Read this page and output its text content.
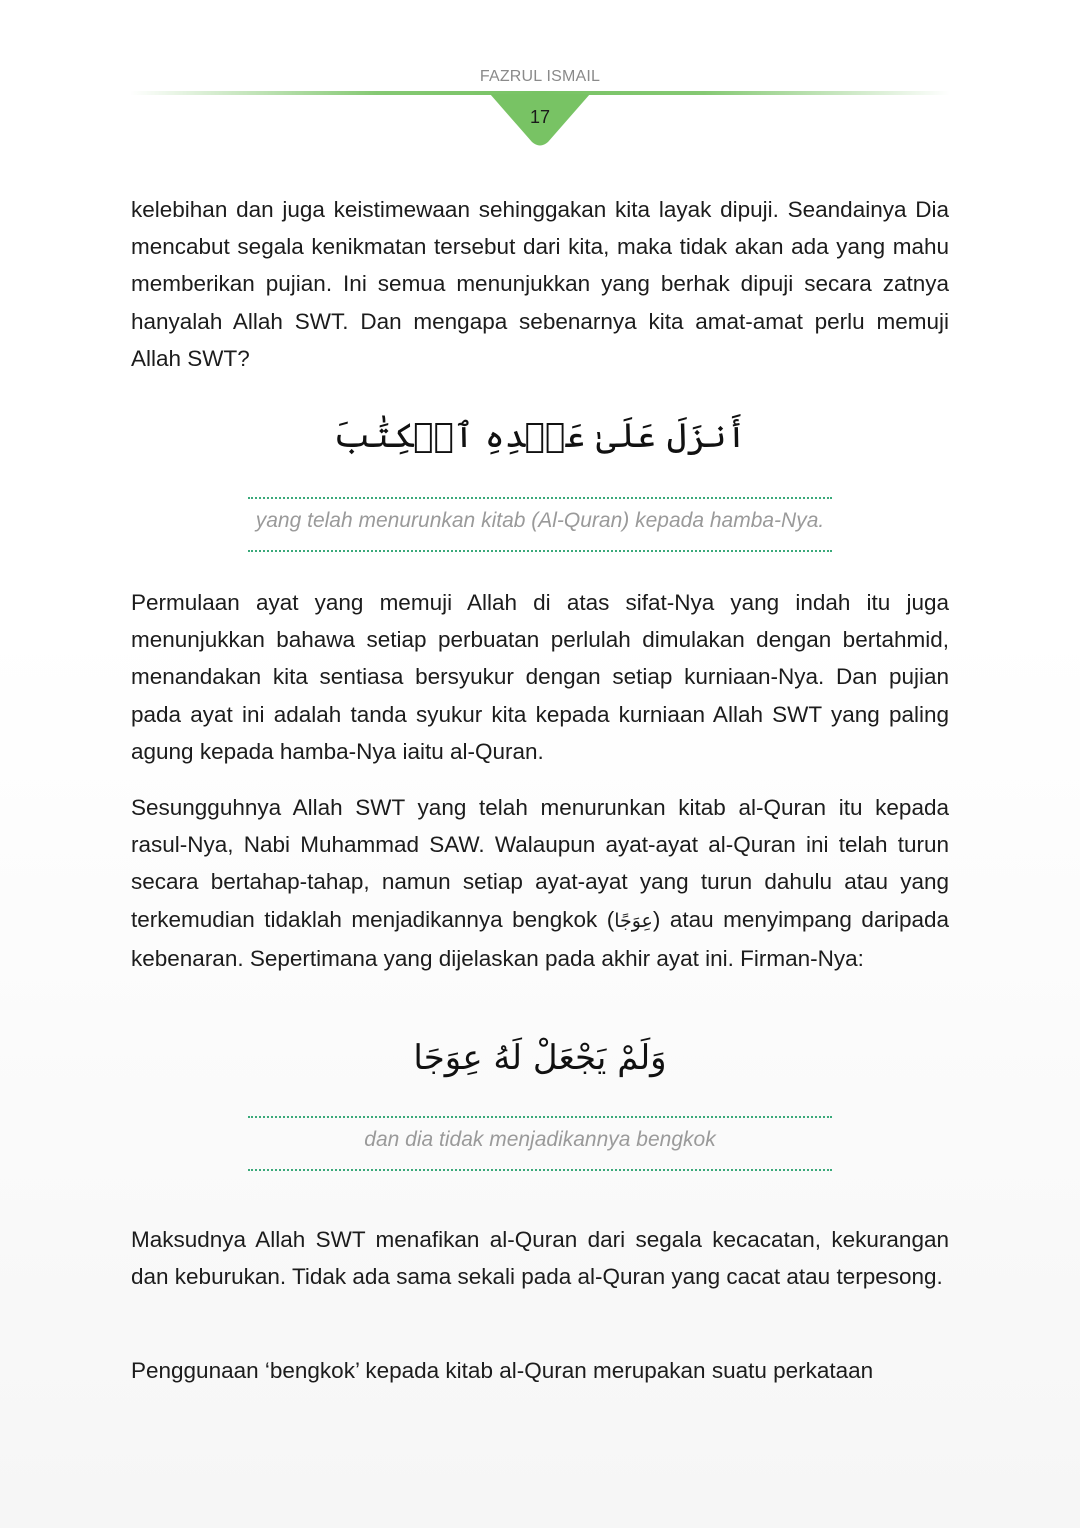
FAZRUL ISMAIL
17

kelebihan dan juga keistimewaan sehinggakan kita layak dipuji. Seandainya Dia mencabut segala kenikmatan tersebut dari kita, maka tidak akan ada yang mahu memberikan pujian. Ini semua menunjukkan yang berhak dipuji secara zatnya hanyalah Allah SWT. Dan mengapa sebenarnya kita amat-amat perlu memuji Allah SWT?

أَنزَلَ عَلَىٰ عَبۡدِهِ ٱلۡكِتَٰبَ
yang telah menurunkan kitab (Al-Quran) kepada hamba-Nya.

Permulaan ayat yang memuji Allah di atas sifat-Nya yang indah itu juga menunjukkan bahawa setiap perbuatan perlulah dimulakan dengan bertahmid, menandakan kita sentiasa bersyukur dengan setiap kurniaan-Nya. Dan pujian pada ayat ini adalah tanda syukur kita kepada kurniaan Allah SWT yang paling agung kepada hamba-Nya iaitu al-Quran.

Sesungguhnya Allah SWT yang telah menurunkan kitab al-Quran itu kepada rasul-Nya, Nabi Muhammad SAW. Walaupun ayat-ayat al-Quran ini telah turun secara bertahap-tahap, namun setiap ayat-ayat yang turun dahulu atau yang terkemudian tidaklah menjadikannya bengkok (عِوَجًا) atau menyimpang daripada kebenaran. Sepertimana yang dijelaskan pada akhir ayat ini. Firman-Nya:

وَلَمْ يَجْعَلْ لَهُ عِوَجَا
dan dia tidak menjadikannya bengkok

Maksudnya Allah SWT menafikan al-Quran dari segala kecacatan, kekurangan dan keburukan. Tidak ada sama sekali pada al-Quran yang cacat atau terpesong.

Penggunaan ‘bengkok’ kepada kitab al-Quran merupakan suatu perkataan
